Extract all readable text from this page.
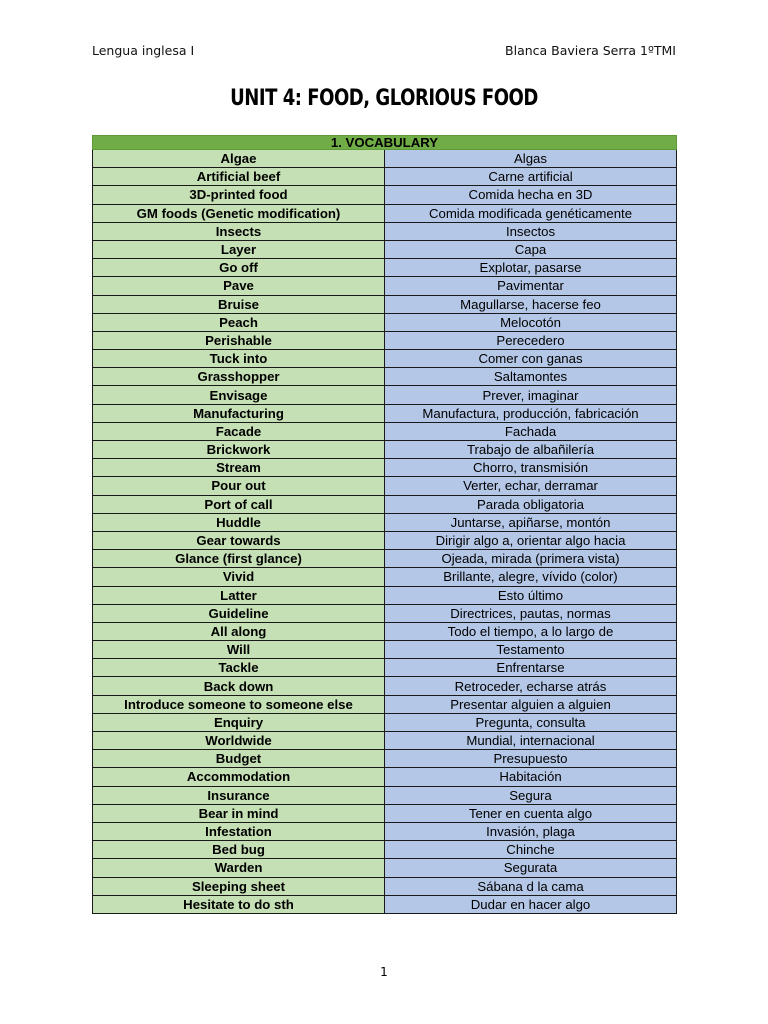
Lengua inglesa I	Blanca Baviera Serra 1ºTMI
UNIT 4: FOOD, GLORIOUS FOOD
1. VOCABULARY	
Algae	Algas
Artificial beef	Carne artificial
3D-printed food	Comida hecha en 3D
GM foods (Genetic modification)	Comida modificada genéticamente
Insects	Insectos
Layer	Capa
Go off	Explotar, pasarse
Pave	Pavimentar
Bruise	Magullarse, hacerse feo
Peach	Melocotón
Perishable	Perecedero
Tuck into	Comer con ganas
Grasshopper	Saltamontes
Envisage	Prever, imaginar
Manufacturing	Manufactura, producción, fabricación
Facade	Fachada
Brickwork	Trabajo de albañilería
Stream	Chorro, transmisión
Pour out	Verter, echar, derramar
Port of call	Parada obligatoria
Huddle	Juntarse, apiñarse, montón
Gear towards	Dirigir algo a, orientar algo hacia
Glance (first glance)	Ojeada, mirada (primera vista)
Vivid	Brillante, alegre, vívido (color)
Latter	Esto último
Guideline	Directrices, pautas, normas
All along	Todo el tiempo, a lo largo de
Will	Testamento
Tackle	Enfrentarse
Back down	Retroceder, echarse atrás
Introduce someone to someone else	Presentar alguien a alguien
Enquiry	Pregunta, consulta
Worldwide	Mundial, internacional
Budget	Presupuesto
Accommodation	Habitación
Insurance	Segura
Bear in mind	Tener en cuenta algo
Infestation	Invasión, plaga
Bed bug	Chinche
Warden	Segurata
Sleeping sheet	Sábana d la cama
Hesitate to do sth	Dudar en hacer algo
1
